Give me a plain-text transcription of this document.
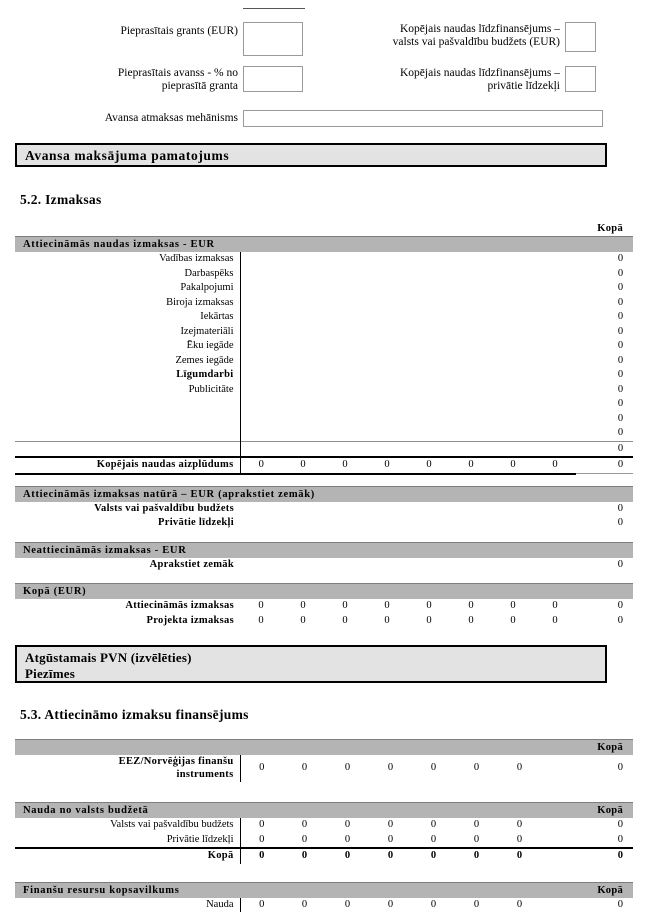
Pieprasītais grants (EUR)	Kopējais naudas līdzfinansējums –
valsts vai pašvaldību budžets (EUR)
Pieprasītais avanss - % no
pieprasītā granta
Kopējais naudas līdzfinansējums –
privātie līdzekļi
Avansa atmaksas mehānisms
Avansa maksājuma pamatojums
5.2. Izmaksas
Kopā
Attiecināmās naudas izmaksas - EUR									
Vadības izmaksas									0
Darbaspēks									0
Pakalpojumi									0
Biroja izmaksas									0
Iekārtas									0
Izejmateriāli									0
Ēku iegāde									0
Zemes iegāde									0
Līgumdarbi									0
Publicitāte									0
									0
									0
									0
									0
Kopējais naudas aizplūdums	0	0	0	0	0	0	0	0	0
Attiecināmās izmaksas natūrā – EUR (aprakstiet zemāk)		
Valsts vai pašvaldību budžets		0
Privātie līdzekļi		0
Neattiecināmās izmaksas - EUR
Aprakstiet zemāk		0
Kopā (EUR)									
Attiecināmās izmaksas	0	0	0	0	0	0	0	0	0
Projekta izmaksas	0	0	0	0	0	0	0	0	0
Atgūstamais PVN (izvēlēties)
Piezīmes
5.3. Attiecināmo izmaksu finansējums
								Kopā

EEZ/Norvēģijas finanšu
instruments	0	0	0	0	0	0	0	0
Nauda no valsts budžetā								Kopā
Valsts vai pašvaldību budžets	0	0	0	0	0	0	0	0
Privātie līdzekļi	0	0	0	0	0	0	0	0
Kopā	0	0	0	0	0	0	0	0
Finanšu resursu kopsavilkums								Kopā
Nauda	0	0	0	0	0	0	0	0
